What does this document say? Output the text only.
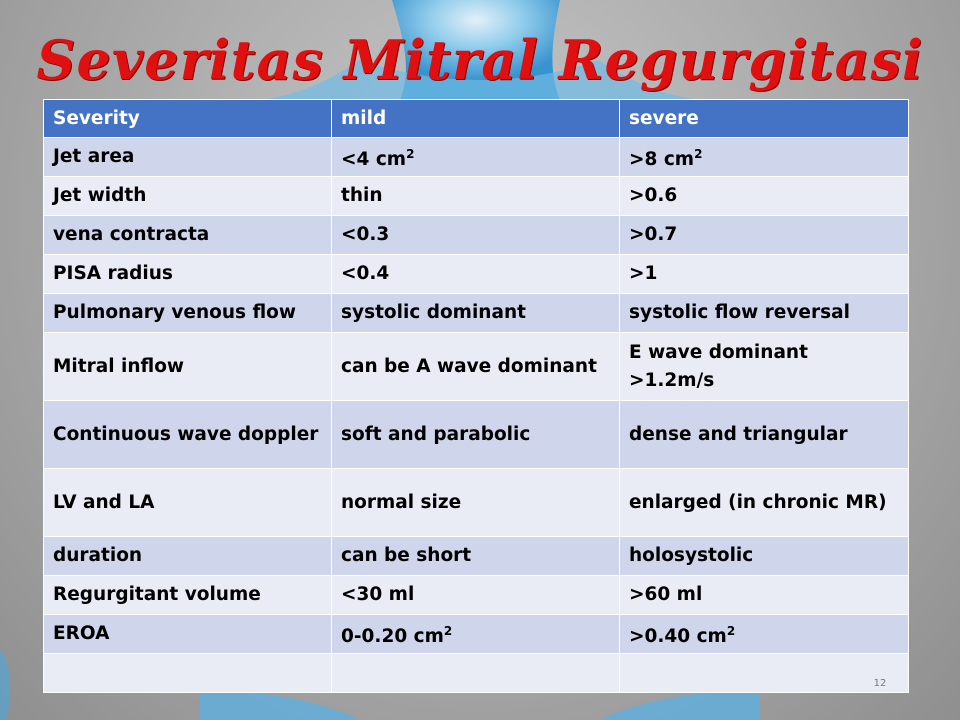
Severitas Mitral Regurgitasi
Severity	mild	severe
Jet area	<4 $cm^2$	>8 $cm^2$
Jet width	thin	>0.6
vena contracta	<0.3	>0.7
PISA radius	<0.4	>1
Pulmonary venous flow	systolic dominant	systolic flow reversal
Mitral inflow	can be A wave dominant	E wave dominant >1.2m/s
Continuous wave doppler	soft and parabolic	dense and triangular
LV and LA	normal size	enlarged (in chronic MR)
duration	can be short	holosystolic
Regurgitant volume	<30 ml	>60 ml
EROA	0-0.20 $cm^2$	>0.40 $cm^2$

12
